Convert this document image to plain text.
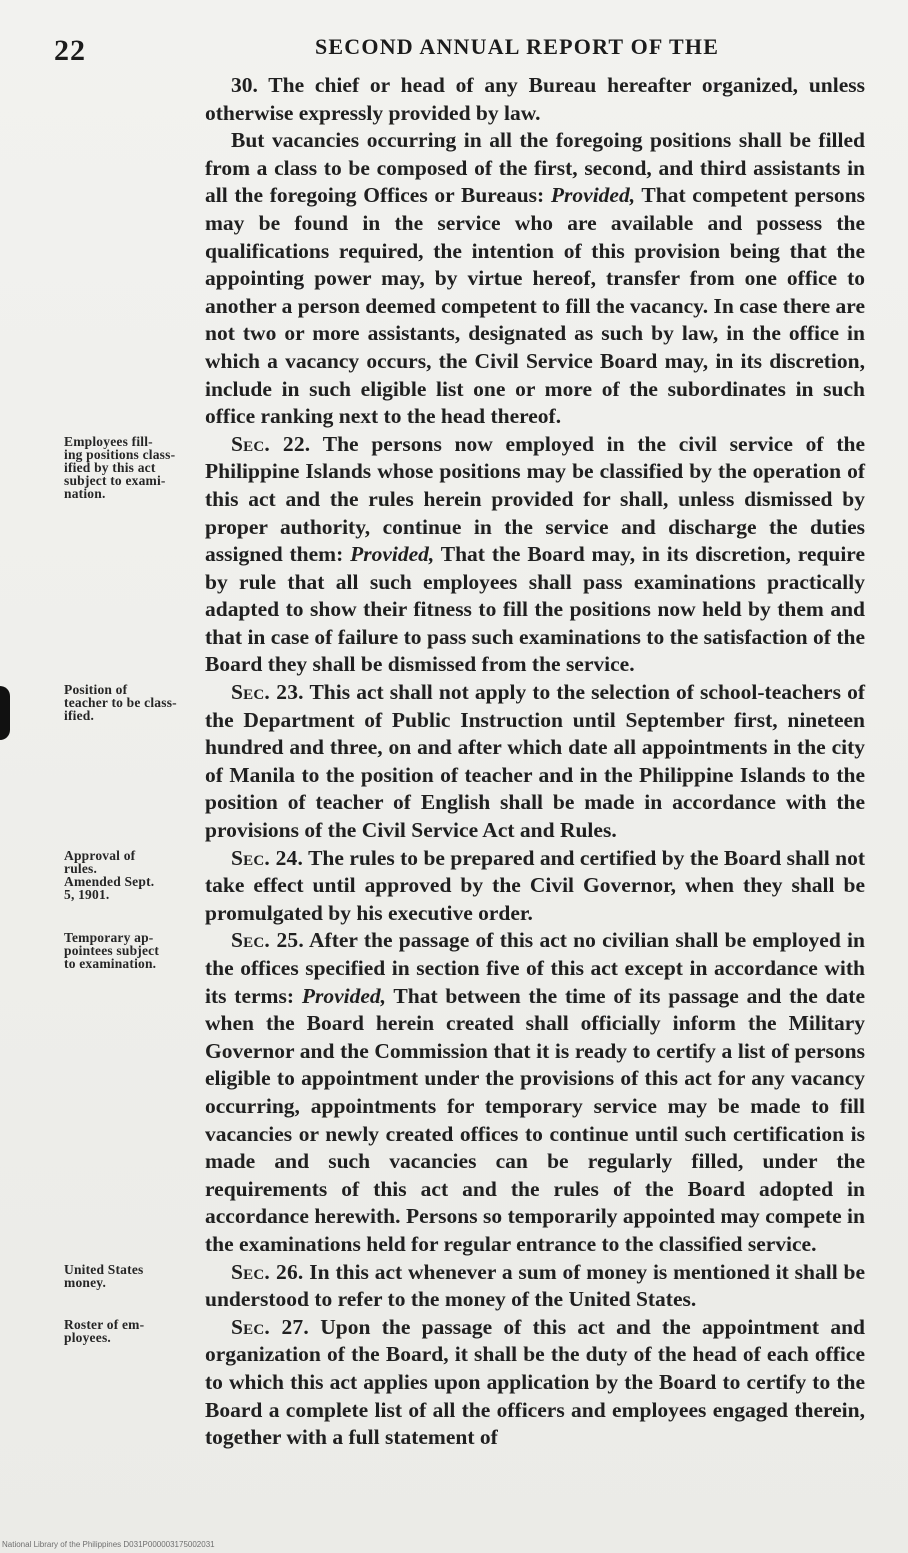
22	SECOND ANNUAL REPORT OF THE

30. The chief or head of any Bureau hereafter organized, unless otherwise expressly provided by law.

But vacancies occurring in all the foregoing positions shall be filled from a class to be composed of the first, second, and third assistants in all the foregoing Offices or Bureaus: Provided, That competent persons may be found in the service who are available and possess the qualifications required, the intention of this provision being that the appointing power may, by virtue hereof, transfer from one office to another a person deemed competent to fill the vacancy. In case there are not two or more assistants, designated as such by law, in the office in which a vacancy occurs, the Civil Service Board may, in its discretion, include in such eligible list one or more of the subordinates in such office ranking next to the head thereof.

Employees fill-
ing positions class-
ified by this act
subject to exami-
nation.

Sec. 22. The persons now employed in the civil service of the Philippine Islands whose positions may be classified by the operation of this act and the rules herein provided for shall, unless dismissed by proper authority, continue in the service and discharge the duties assigned them: Provided, That the Board may, in its discretion, require by rule that all such employees shall pass examinations practically adapted to show their fitness to fill the positions now held by them and that in case of failure to pass such examinations to the satisfaction of the Board they shall be dismissed from the service.

Position of
teacher to be class-
ified.

Sec. 23. This act shall not apply to the selection of school-teachers of the Department of Public Instruction until September first, nineteen hundred and three, on and after which date all appointments in the city of Manila to the position of teacher and in the Philippine Islands to the position of teacher of English shall be made in accordance with the provisions of the Civil Service Act and Rules.

Approval of
rules.
Amended Sept.
5, 1901.

Sec. 24. The rules to be prepared and certified by the Board shall not take effect until approved by the Civil Governor, when they shall be promulgated by his executive order.

Temporary ap-
pointees subject
to examination.

Sec. 25. After the passage of this act no civilian shall be employed in the offices specified in section five of this act except in accordance with its terms: Provided, That between the time of its passage and the date when the Board herein created shall officially inform the Military Governor and the Commission that it is ready to certify a list of persons eligible to appointment under the provisions of this act for any vacancy occurring, appointments for temporary service may be made to fill vacancies or newly created offices to continue until such certification is made and such vacancies can be regularly filled, under the requirements of this act and the rules of the Board adopted in accordance herewith. Persons so temporarily appointed may compete in the examinations held for regular entrance to the classified service.

United States
money.	Sec. 26. In this act whenever a sum of money is mentioned it shall be understood to refer to the money of the United States.

Roster of em-
ployees.	Sec. 27. Upon the passage of this act and the appointment and organization of the Board, it shall be the duty of the head of each office to which this act applies upon application by the Board to certify to the Board a complete list of all the officers and employees engaged therein, together with a full statement of

National Library of the Philippines D031P000003175002031
